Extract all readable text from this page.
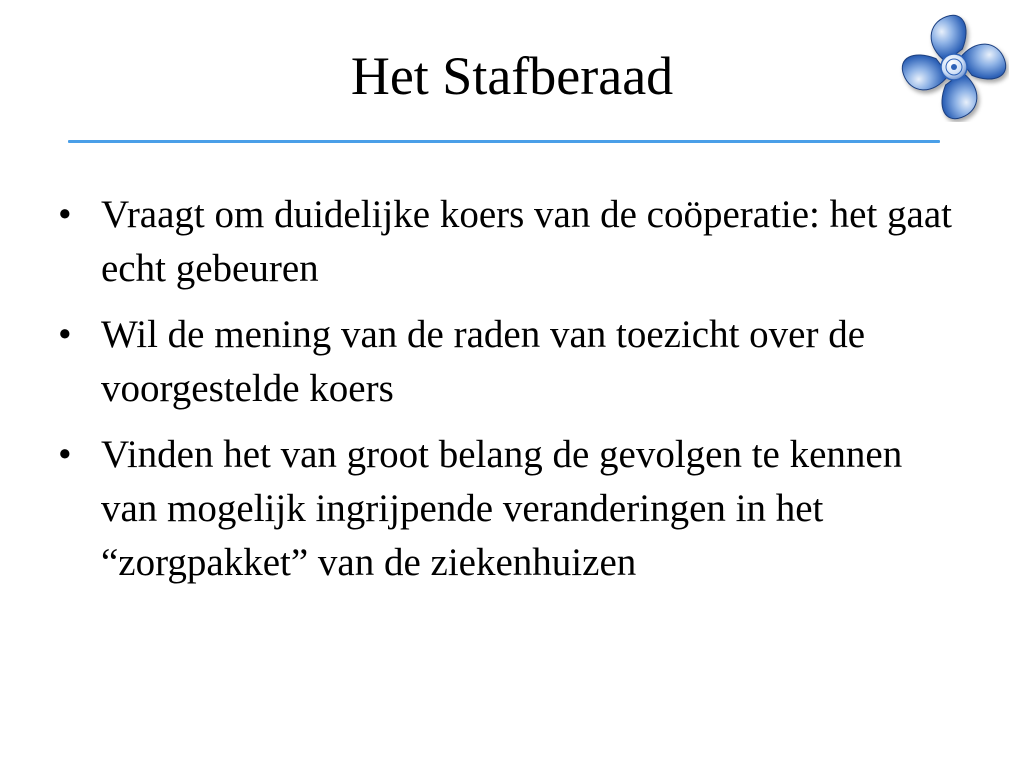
Het Stafberaad
• Vraagt om duidelijke koers van de coöperatie: het gaat echt gebeuren
• Wil de mening van de raden van toezicht over de voorgestelde koers
• Vinden het van groot belang de gevolgen te kennen van mogelijk ingrijpende veranderingen in het “zorgpakket” van de ziekenhuizen
